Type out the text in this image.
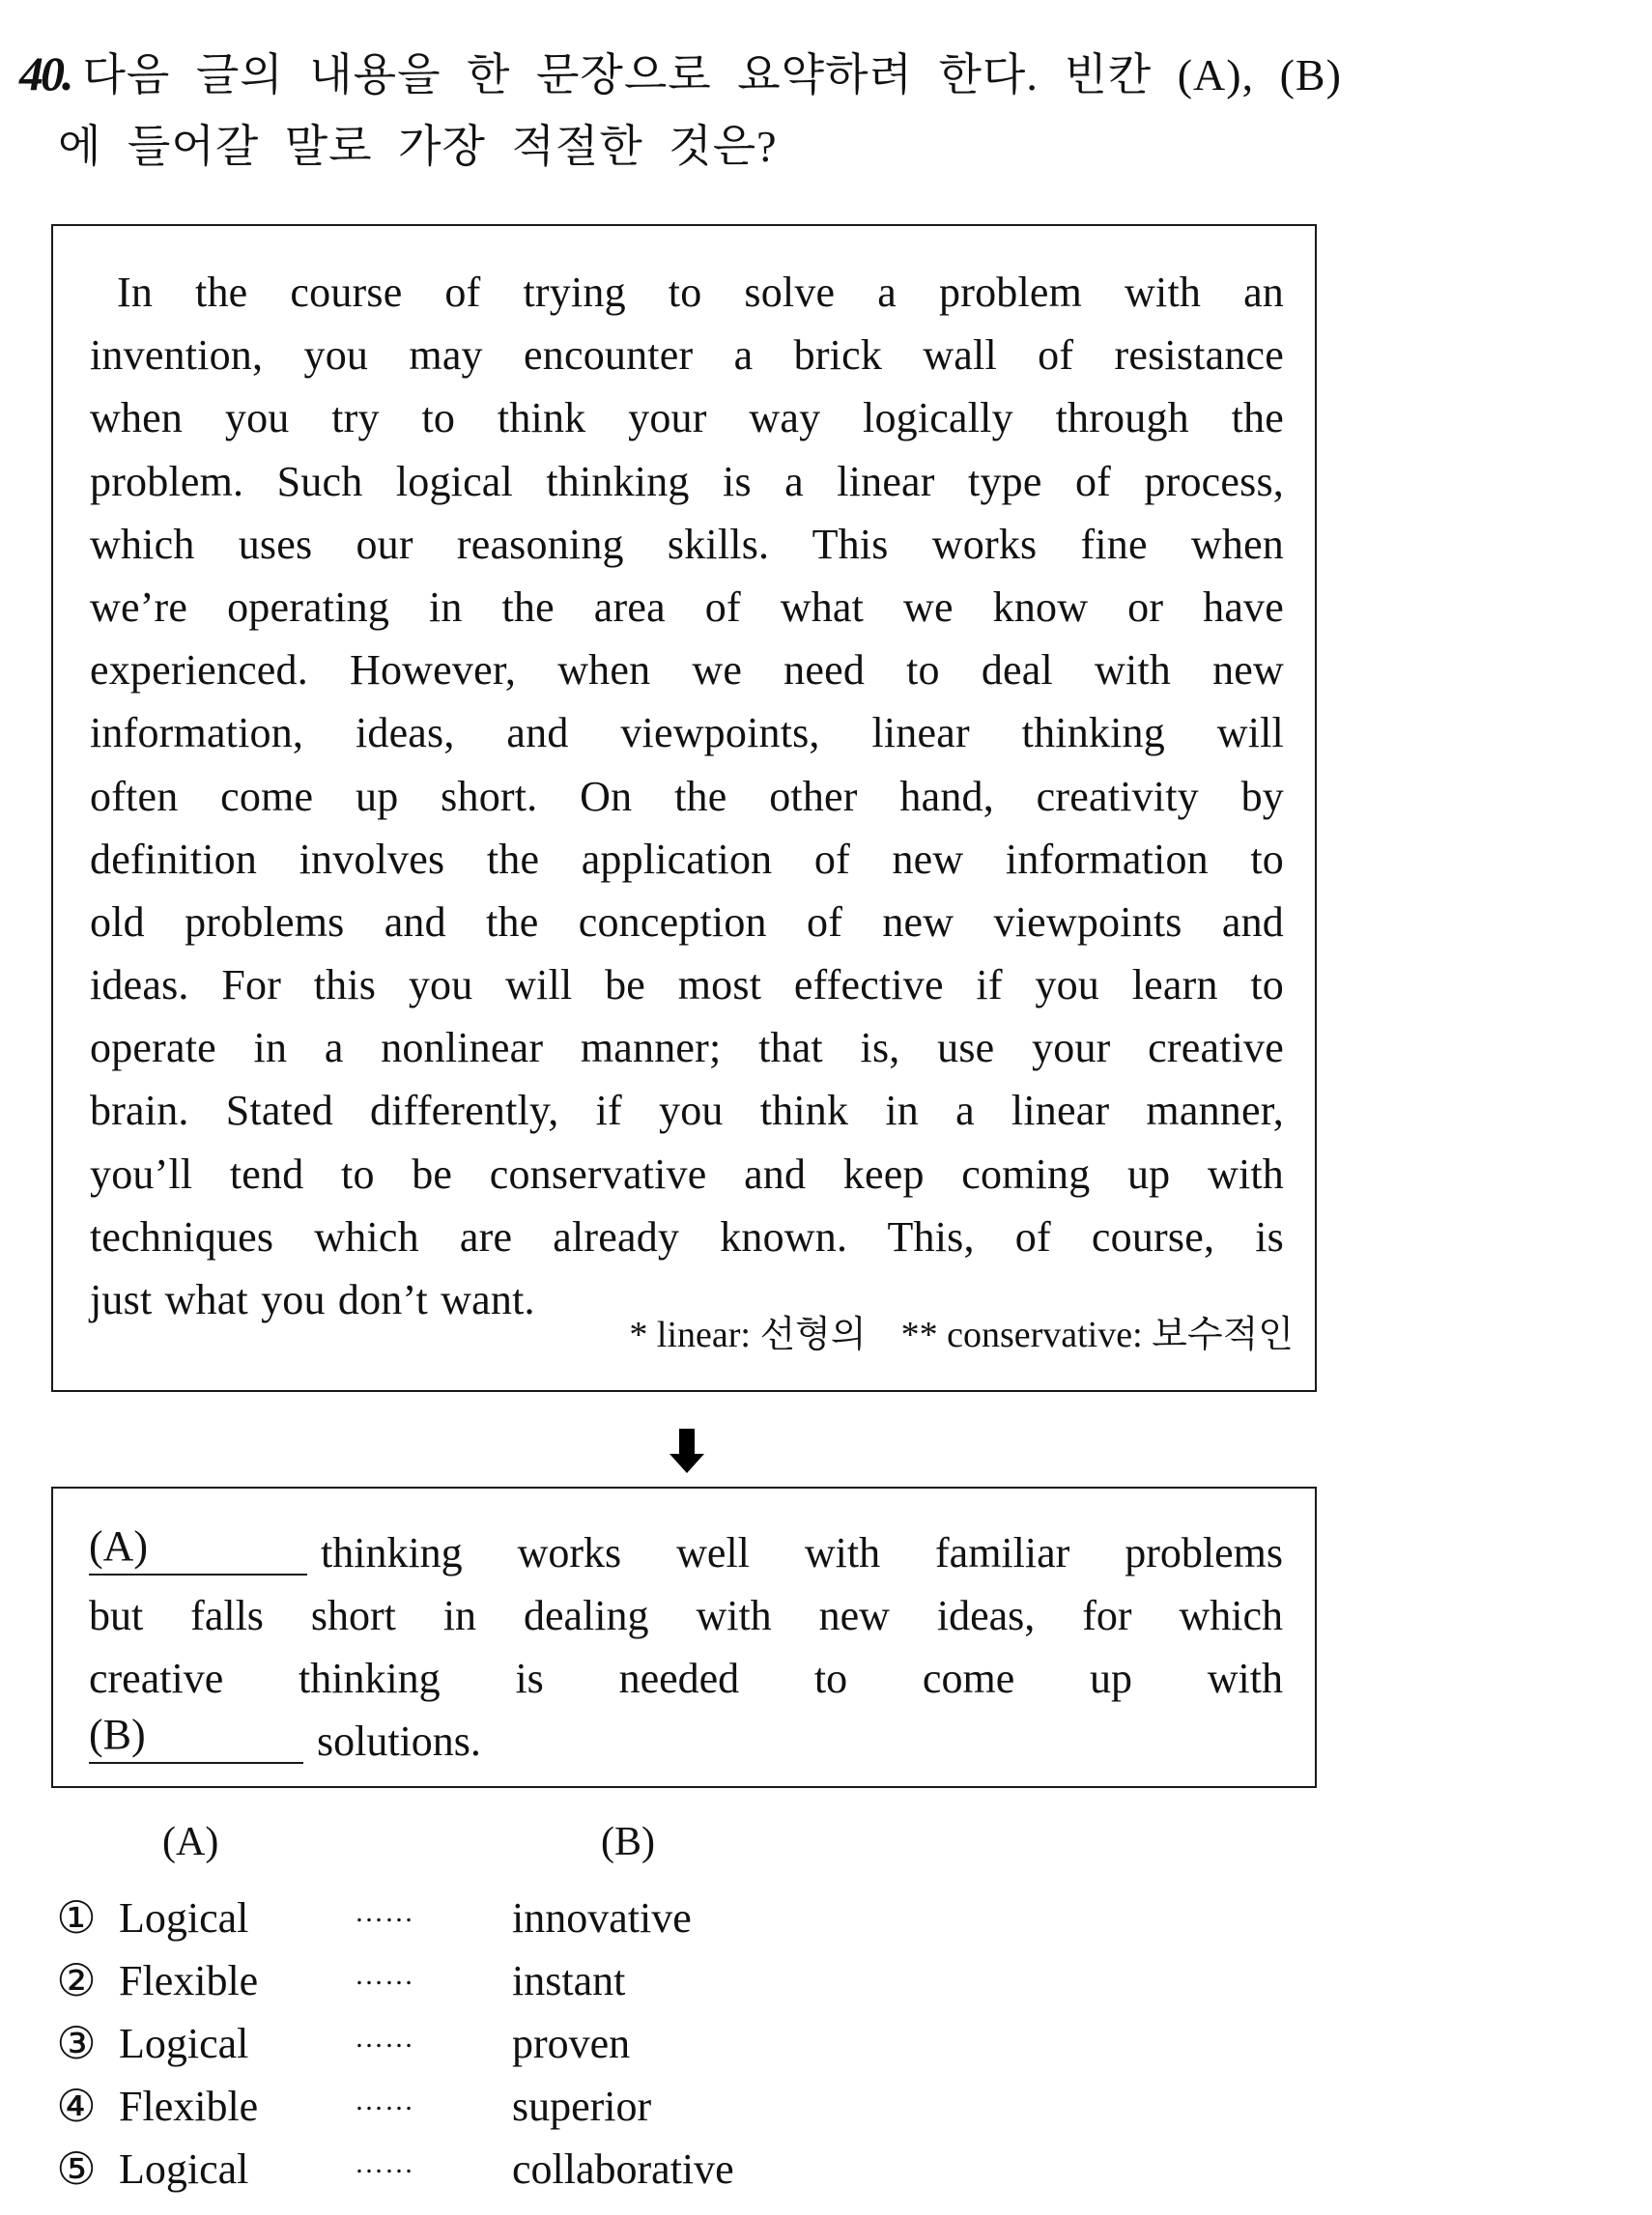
40. 다음 글의 내용을 한 문장으로 요약하려 한다. 빈칸 (A), (B)
에 들어갈 말로 가장 적절한 것은?
In the course of trying to solve a problem with an
invention, you may encounter a brick wall of resistance
when you try to think your way logically through the
problem. Such logical thinking is a linear type of process,
which uses our reasoning skills. This works fine when
we’re operating in the area of what we know or have
experienced. However, when we need to deal with new
information, ideas, and viewpoints, linear thinking will
often come up short. On the other hand, creativity by
definition involves the application of new information to
old problems and the conception of new viewpoints and
ideas. For this you will be most effective if you learn to
operate in a nonlinear manner; that is, use your creative
brain. Stated differently, if you think in a linear manner,
you’ll tend to be conservative and keep coming up with
techniques which are already known. This, of course, is
just what you don’t want.
* linear: 선형의 ** conservative: 보수적인
(A)	thinking works well with familiar problems
but falls short in dealing with new ideas, for which
creative thinking is needed to come up with
(B)	solutions.
(A)	(B)
① Logical	…… innovative
② Flexible	…… instant
③ Logical	…… proven
④ Flexible	…… superior
⑤ Logical	…… collaborative
